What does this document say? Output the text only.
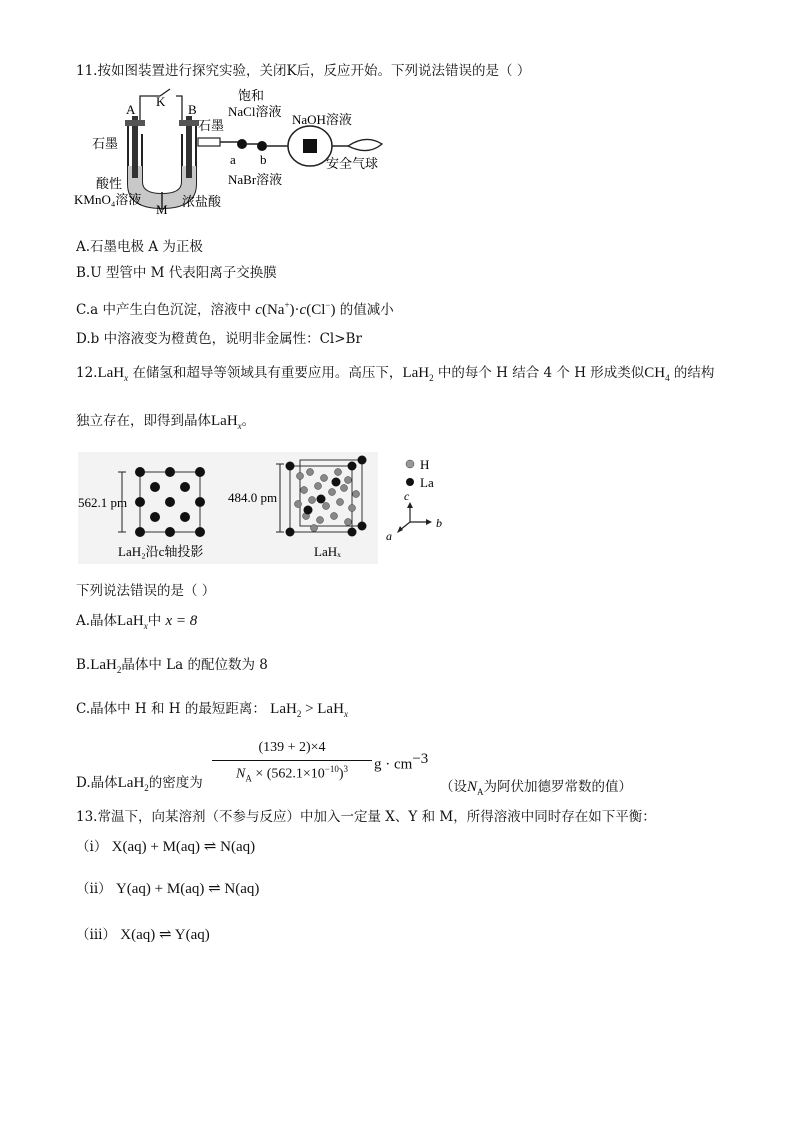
11.按如图装置进行探究实验，关闭K后，反应开始。下列说法错误的是（ ）
K
A	B
石墨
石墨
酸性
KMnO₄溶液
M
浓盐酸
饱和
NaCl溶液
a b
NaBr溶液
NaOH溶液
安全气球
A.石墨电极 A 为正极
B.U 型管中 M 代表阳离子交换膜
C.a 中产生白色沉淀，溶液中 c(Na+)·c(Cl−) 的值减小
D.b 中溶液变为橙黄色，说明非金属性：Cl>Br
12.LaH$_x$ 在储氢和超导等领域具有重要应用。高压下，LaH$_2$ 中的每个 H 结合 4 个 H 形成类似$CH_4$ 的结构
独立存在，即得到晶体LaH$_x$。
562.1 pm
LaH₂沿c轴投影
484.0 pm
LaHₓ
H
La
c
b
a
下列说法错误的是（ ）
A.晶体LaH$_x$中 x = 8
B.LaH$_2$晶体中 La 的配位数为 8
C.晶体中 H 和 H 的最短距离： LaH$_2$ > LaH$_x$
(139 + 2)×4
$N_A \times (562.1\times 10^{-10})^3$	$g \cdot cm^{-3}$
D.晶体LaH$_2$的密度为	（设$N_A$为阿伏加德罗常数的值）
13.常温下，向某溶剂（不参与反应）中加入一定量 X、Y 和 M，所得溶液中同时存在如下平衡：
（i） X(aq) + M(aq) ⇌ N(aq)
（ii） Y(aq) + M(aq) ⇌ N(aq)
（iii） X(aq) ⇌ Y(aq)
